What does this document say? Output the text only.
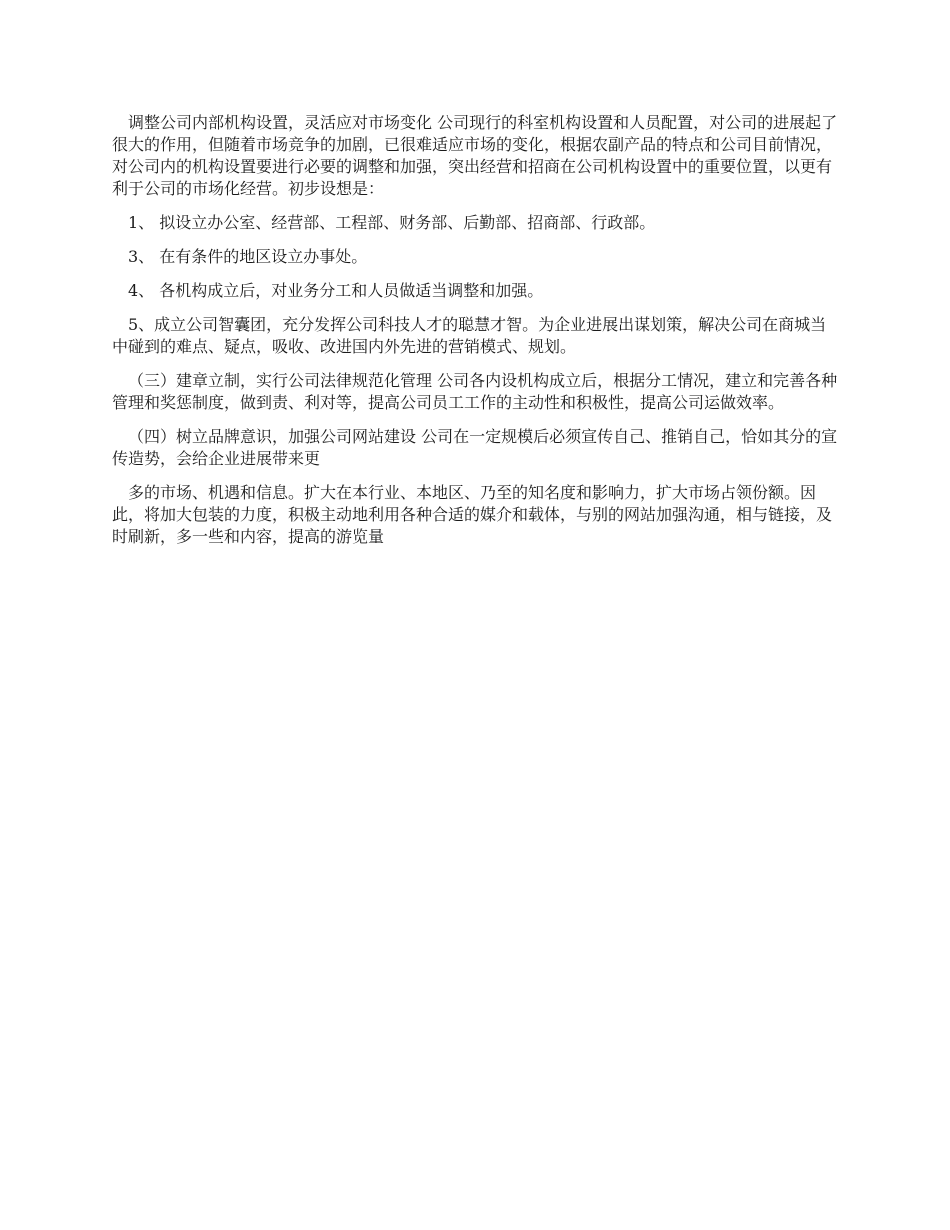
调整公司内部机构设置，灵活应对市场变化 公司现行的科室机构设置和人员配置，对公司的进展起了很大的作用，但随着市场竞争的加剧，已很难适应市场的变化，根据农副产品的特点和公司目前情况，对公司内的机构设置要进行必要的调整和加强，突出经营和招商在公司机构设置中的重要位置，以更有利于公司的市场化经营。初步设想是：

1、 拟设立办公室、经营部、工程部、财务部、后勤部、招商部、行政部。

3、 在有条件的地区设立办事处。

4、 各机构成立后，对业务分工和人员做适当调整和加强。

5、成立公司智囊团，充分发挥公司科技人才的聪慧才智。为企业进展出谋划策，解决公司在商城当中碰到的难点、疑点，吸收、改进国内外先进的营销模式、规划。

（三）建章立制，实行公司法律规范化管理 公司各内设机构成立后，根据分工情况，建立和完善各种管理和奖惩制度，做到责、利对等，提高公司员工工作的主动性和积极性，提高公司运做效率。

（四）树立品牌意识，加强公司网站建设 公司在一定规模后必须宣传自己、推销自己，恰如其分的宣传造势，会给企业进展带来更

多的市场、机遇和信息。扩大在本行业、本地区、乃至的知名度和影响力，扩大市场占领份额。因此，将加大包装的力度，积极主动地利用各种合适的媒介和载体，与别的网站加强沟通，相与链接，及时刷新，多一些和内容，提高的游览量
